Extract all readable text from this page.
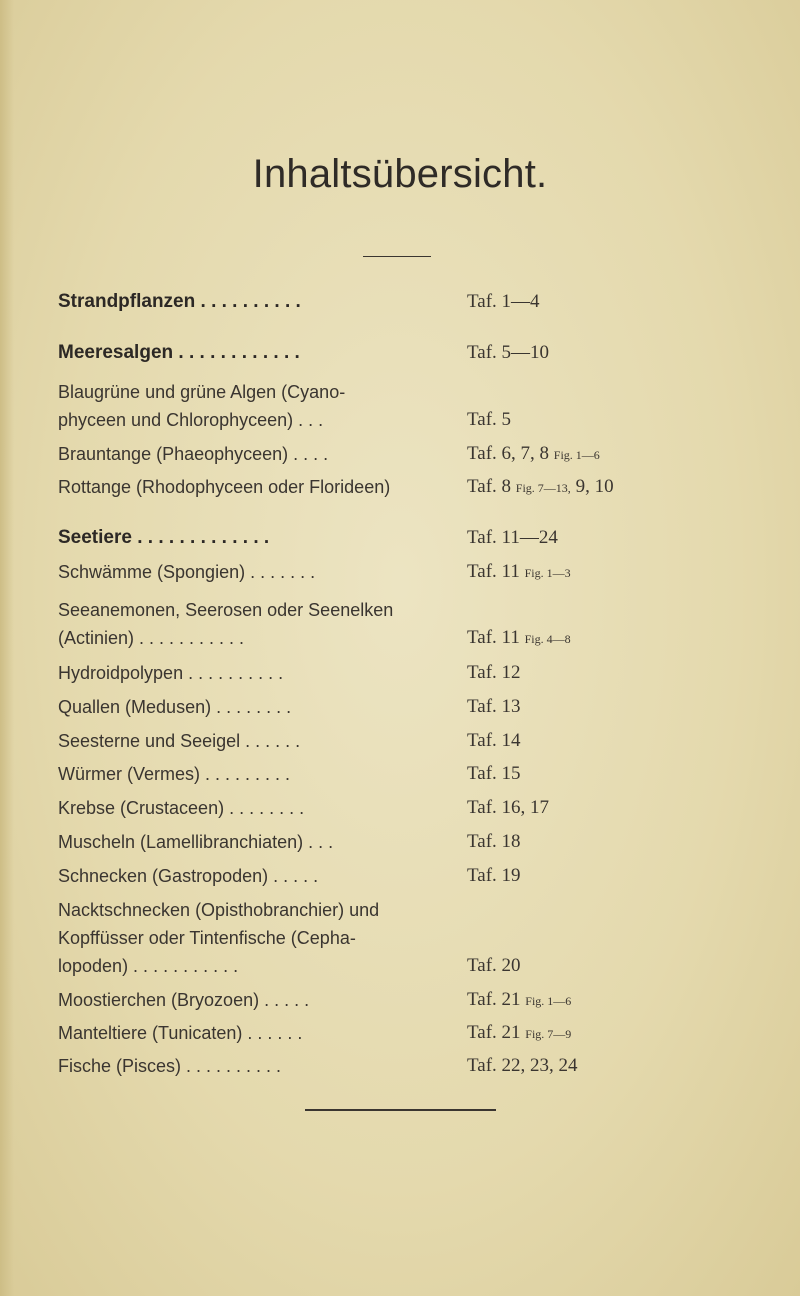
Inhaltsübersicht.
Strandpflanzen . . . . . . . . . .	Taf. 1—4
Meeresalgen . . . . . . . . . . . .	Taf. 5—10
Blaugrüne und grüne Algen (Cyano-
phyceen und Chlorophyceen) . . .	Taf. 5
Brauntange (Phaeophyceen) . . . .	Taf. 6, 7, 8 Fig. 1—6
Rottange (Rhodophyceen oder Florideen)	Taf. 8 Fig. 7—13, 9, 10
Seetiere . . . . . . . . . . . . .	Taf. 11—24
Schwämme (Spongien) . . . . . . .	Taf. 11 Fig. 1—3
Seeanemonen, Seerosen oder Seenelken
(Actinien) . . . . . . . . . . .	Taf. 11 Fig. 4—8
Hydroidpolypen . . . . . . . . . .	Taf. 12
Quallen (Medusen) . . . . . . . .	Taf. 13
Seesterne und Seeigel . . . . . .	Taf. 14
Würmer (Vermes) . . . . . . . . .	Taf. 15
Krebse (Crustaceen) . . . . . . . .	Taf. 16, 17
Muscheln (Lamellibranchiaten) . . .	Taf. 18
Schnecken (Gastropoden) . . . . .	Taf. 19
Nacktschnecken (Opisthobranchier) und
Kopffüsser oder Tintenfische (Cepha-
lopoden) . . . . . . . . . . .	Taf. 20
Moostierchen (Bryozoen) . . . . .	Taf. 21 Fig. 1—6
Manteltiere (Tunicaten) . . . . . .	Taf. 21 Fig. 7—9
Fische (Pisces) . . . . . . . . . .	Taf. 22, 23, 24
